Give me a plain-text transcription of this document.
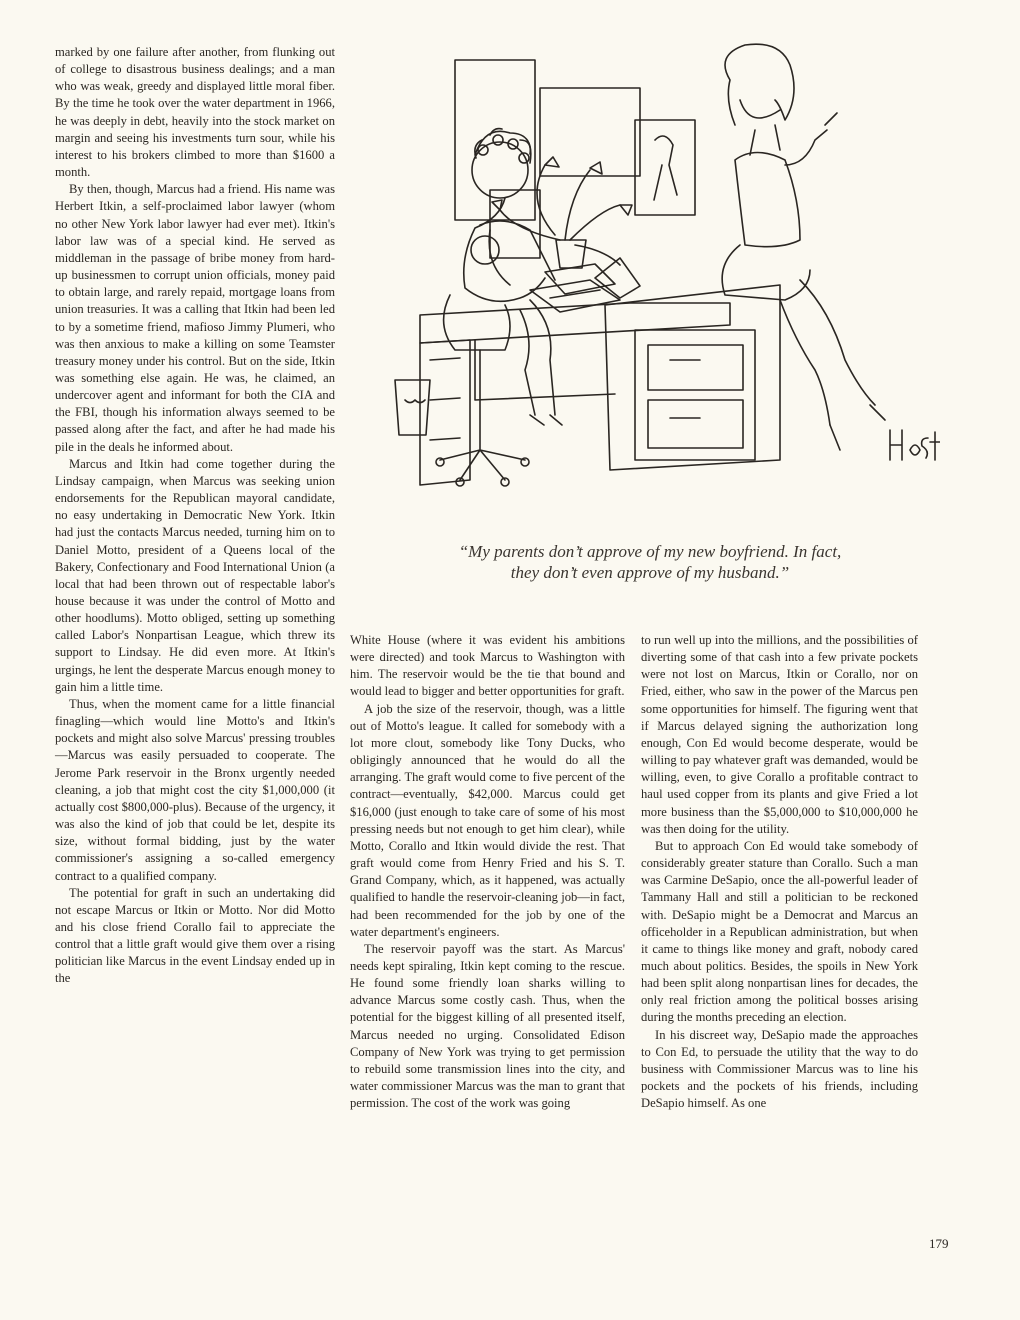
marked by one failure after another, from flunking out of college to disastrous business dealings; and a man who was weak, greedy and displayed little moral fiber. By the time he took over the water department in 1966, he was deeply in debt, heavily into the stock market on margin and seeing his investments turn sour, while his interest to his brokers climbed to more than $1600 a month.

By then, though, Marcus had a friend. His name was Herbert Itkin, a self-proclaimed labor lawyer (whom no other New York labor lawyer had ever met). Itkin's labor law was of a special kind. He served as middleman in the passage of bribe money from hard-up businessmen to corrupt union officials, money paid to obtain large, and rarely repaid, mortgage loans from union treasuries. It was a calling that Itkin had been led to by a sometime friend, mafioso Jimmy Plumeri, who was then anxious to make a killing on some Teamster treasury money under his control. But on the side, Itkin was something else again. He was, he claimed, an undercover agent and informant for both the CIA and the FBI, though his information always seemed to be passed along after the fact, and after he had made his pile in the deals he informed about.

Marcus and Itkin had come together during the Lindsay campaign, when Marcus was seeking union endorsements for the Republican mayoral candidate, no easy undertaking in Democratic New York. Itkin had just the contacts Marcus needed, turning him on to Daniel Motto, president of a Queens local of the Bakery, Confectionary and Food International Union (a local that had been thrown out of respectable labor's house because it was under the control of Motto and other hoodlums). Motto obliged, setting up something called Labor's Nonpartisan League, which threw its support to Lindsay. He did even more. At Itkin's urgings, he lent the desperate Marcus enough money to gain him a little time.

Thus, when the moment came for a little financial finagling—which would line Motto's and Itkin's pockets and might also solve Marcus' pressing troubles—Marcus was easily persuaded to cooperate. The Jerome Park reservoir in the Bronx urgently needed cleaning, a job that might cost the city $1,000,000 (it actually cost $800,000-plus). Because of the urgency, it was also the kind of job that could be let, despite its size, without formal bidding, just by the water commissioner's assigning a so-called emergency contract to a qualified company.

The potential for graft in such an undertaking did not escape Marcus or Itkin or Motto. Nor did Motto and his close friend Corallo fail to appreciate the control that a little graft would give them over a rising politician like Marcus in the event Lindsay ended up in the

“My parents don’t approve of my new boyfriend. In fact,
they don’t even approve of my husband.”

White House (where it was evident his ambitions were directed) and took Marcus to Washington with him. The reservoir would be the tie that bound and would lead to bigger and better opportunities for graft.

A job the size of the reservoir, though, was a little out of Motto's league. It called for somebody with a lot more clout, somebody like Tony Ducks, who obligingly announced that he would do all the arranging. The graft would come to five percent of the contract—eventually, $42,000. Marcus could get $16,000 (just enough to take care of some of his most pressing needs but not enough to get him clear), while Motto, Corallo and Itkin would divide the rest. That graft would come from Henry Fried and his S. T. Grand Company, which, as it happened, was actually qualified to handle the reservoir-cleaning job—in fact, had been recommended for the job by one of the water department's engineers.

The reservoir payoff was the start. As Marcus' needs kept spiraling, Itkin kept coming to the rescue. He found some friendly loan sharks willing to advance Marcus some costly cash. Thus, when the potential for the biggest killing of all presented itself, Marcus needed no urging. Consolidated Edison Company of New York was trying to get permission to rebuild some transmission lines into the city, and water commissioner Marcus was the man to grant that permission. The cost of the work was going

to run well up into the millions, and the possibilities of diverting some of that cash into a few private pockets were not lost on Marcus, Itkin or Corallo, nor on Fried, either, who saw in the power of the Marcus pen some opportunities for himself. The figuring went that if Marcus delayed signing the authorization long enough, Con Ed would become desperate, would be willing to pay whatever graft was demanded, would be willing, even, to give Corallo a profitable contract to haul used copper from its plants and give Fried a lot more business than the $5,000,000 to $10,000,000 he was then doing for the utility.

But to approach Con Ed would take somebody of considerably greater stature than Corallo. Such a man was Carmine DeSapio, once the all-powerful leader of Tammany Hall and still a politician to be reckoned with. DeSapio might be a Democrat and Marcus an officeholder in a Republican administration, but when it came to things like money and graft, nobody cared much about politics. Besides, the spoils in New York had been split along nonpartisan lines for decades, the only real friction among the political bosses arising during the months preceding an election.

In his discreet way, DeSapio made the approaches to Con Ed, to persuade the utility that the way to do business with Commissioner Marcus was to line his pockets and the pockets of his friends, including DeSapio himself. As one

179
